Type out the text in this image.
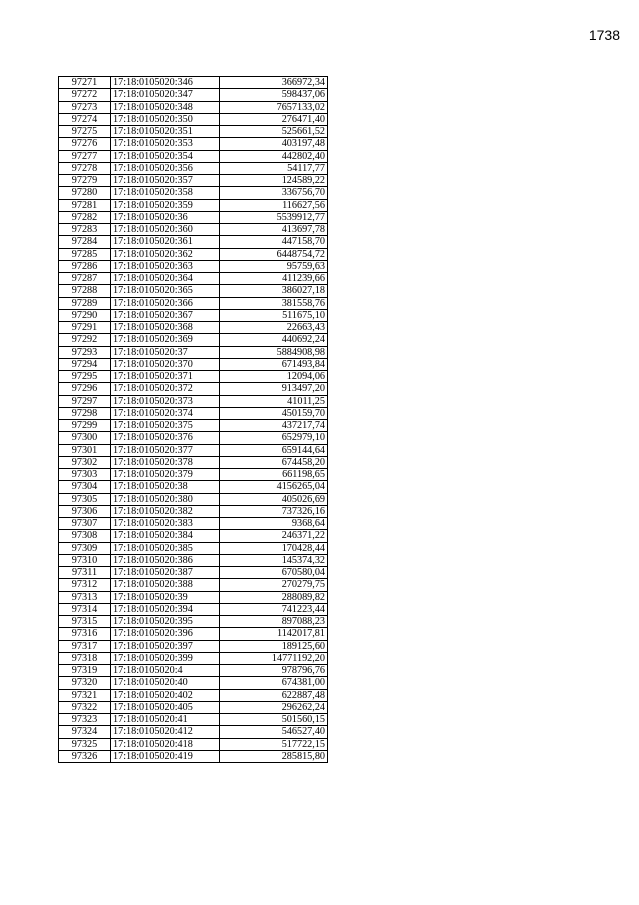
1738
97271	17:18:0105020:346	366972,34
97272	17:18:0105020:347	598437,06
97273	17:18:0105020:348	7657133,02
97274	17:18:0105020:350	276471,40
97275	17:18:0105020:351	525661,52
97276	17:18:0105020:353	403197,48
97277	17:18:0105020:354	442802,40
97278	17:18:0105020:356	54117,77
97279	17:18:0105020:357	124589,22
97280	17:18:0105020:358	336756,70
97281	17:18:0105020:359	116627,56
97282	17:18:0105020:36	5539912,77
97283	17:18:0105020:360	413697,78
97284	17:18:0105020:361	447158,70
97285	17:18:0105020:362	6448754,72
97286	17:18:0105020:363	95759,63
97287	17:18:0105020:364	411239,66
97288	17:18:0105020:365	386027,18
97289	17:18:0105020:366	381558,76
97290	17:18:0105020:367	511675,10
97291	17:18:0105020:368	22663,43
97292	17:18:0105020:369	440692,24
97293	17:18:0105020:37	5884908,98
97294	17:18:0105020:370	671493,84
97295	17:18:0105020:371	12094,06
97296	17:18:0105020:372	913497,20
97297	17:18:0105020:373	41011,25
97298	17:18:0105020:374	450159,70
97299	17:18:0105020:375	437217,74
97300	17:18:0105020:376	652979,10
97301	17:18:0105020:377	659144,64
97302	17:18:0105020:378	674458,20
97303	17:18:0105020:379	661198,65
97304	17:18:0105020:38	4156265,04
97305	17:18:0105020:380	405026,69
97306	17:18:0105020:382	737326,16
97307	17:18:0105020:383	9368,64
97308	17:18:0105020:384	246371,22
97309	17:18:0105020:385	170428,44
97310	17:18:0105020:386	145374,32
97311	17:18:0105020:387	670580,04
97312	17:18:0105020:388	270279,75
97313	17:18:0105020:39	288089,82
97314	17:18:0105020:394	741223,44
97315	17:18:0105020:395	897088,23
97316	17:18:0105020:396	1142017,81
97317	17:18:0105020:397	189125,60
97318	17:18:0105020:399	14771192,20
97319	17:18:0105020:4	978796,76
97320	17:18:0105020:40	674381,00
97321	17:18:0105020:402	622887,48
97322	17:18:0105020:405	296262,24
97323	17:18:0105020:41	501560,15
97324	17:18:0105020:412	546527,40
97325	17:18:0105020:418	517722,15
97326	17:18:0105020:419	285815,80
